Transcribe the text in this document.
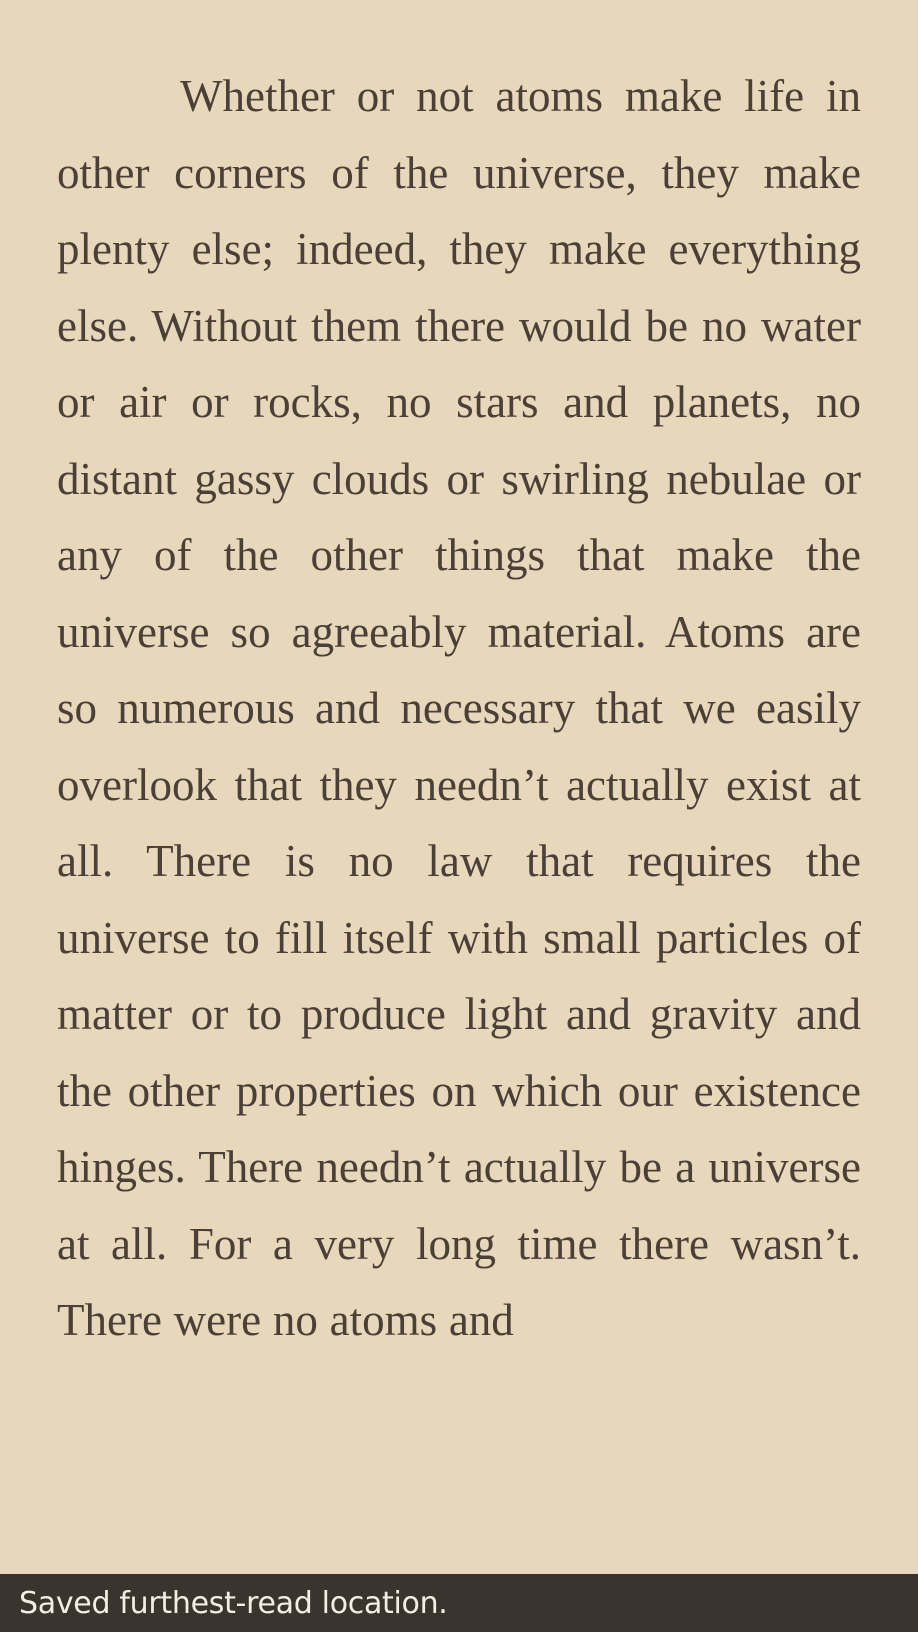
Whether or not atoms make life in other corners of the universe, they make plenty else; indeed, they make everything else. Without them there would be no water or air or rocks, no stars and planets, no distant gassy clouds or swirling nebulae or any of the other things that make the universe so agreeably material. Atoms are so numerous and necessary that we easily overlook that they needn’t actually exist at all. There is no law that requires the universe to fill itself with small particles of matter or to produce light and gravity and the other properties on which our existence hinges. There needn’t actually be a universe at all. For a very long time there wasn’t. There were no atoms and

Saved furthest-read location.
